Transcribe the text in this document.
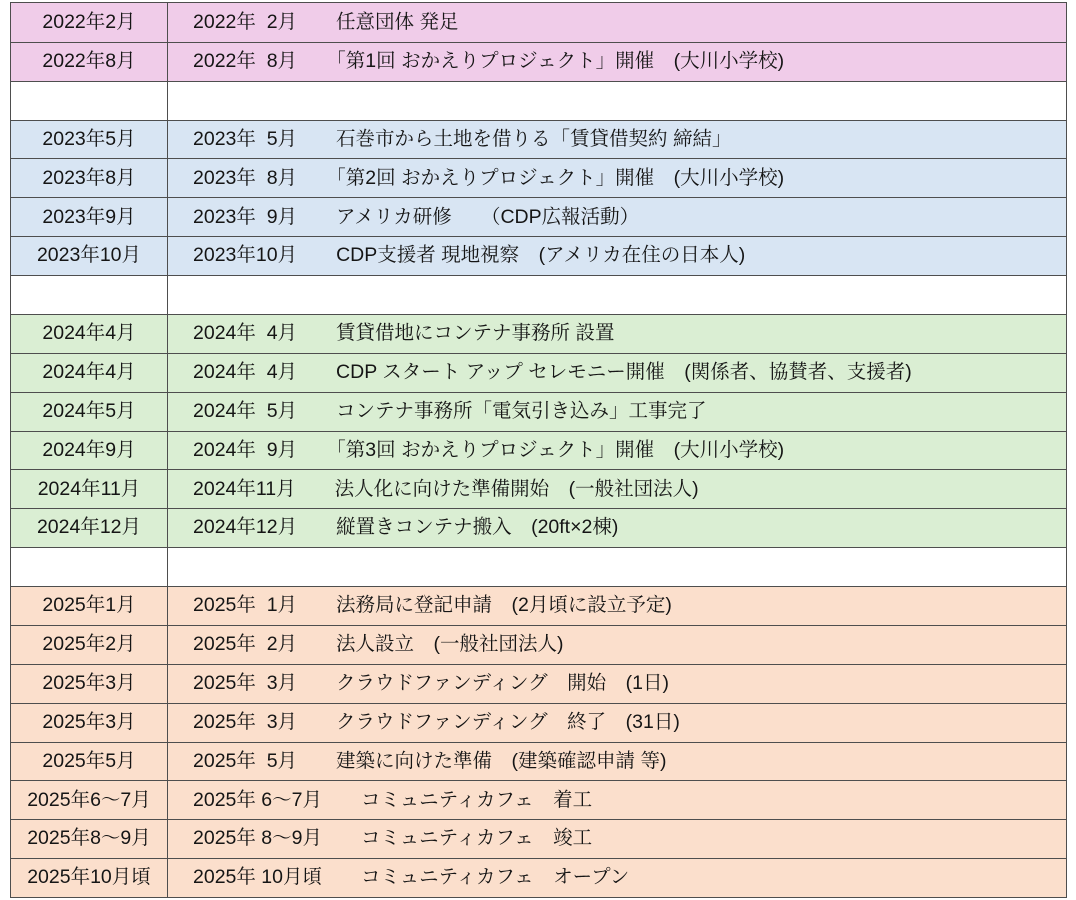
2022年2月	2022年  2月　　任意団体 発足
2022年8月	2022年  8月　　「第1回 おかえりプロジェクト」開催　(大川小学校)
2023年5月	2023年  5月　　石巻市から土地を借りる「賃貸借契約 締結」
2023年8月	2023年  8月　　「第2回 おかえりプロジェクト」開催　(大川小学校)
2023年9月	2023年  9月　　アメリカ研修　　（CDP広報活動）
2023年10月	2023年10月　　CDP支援者 現地視察　(アメリカ在住の日本人)
2024年4月	2024年  4月　　賃貸借地にコンテナ事務所 設置
2024年4月	2024年  4月　　CDP スタート アップ セレモニー開催　(関係者、協賛者、支援者)
2024年5月	2024年  5月　　コンテナ事務所「電気引き込み」工事完了
2024年9月	2024年  9月　　「第3回 おかえりプロジェクト」開催　(大川小学校)
2024年11月	2024年11月　　法人化に向けた準備開始　(一般社団法人)
2024年12月	2024年12月　　縦置きコンテナ搬入　(20ft×2棟)
2025年1月	2025年  1月　　法務局に登記申請　(2月頃に設立予定)
2025年2月	2025年  2月　　法人設立　(一般社団法人)
2025年3月	2025年  3月　　クラウドファンディング　開始　(1日)
2025年3月	2025年  3月　　クラウドファンディング　終了　(31日)
2025年5月	2025年  5月　　建築に向けた準備　(建築確認申請 等)
2025年6〜7月	2025年 6〜7月　　コミュニティカフェ　着工
2025年8〜9月	2025年 8〜9月　　コミュニティカフェ　竣工
2025年10月頃	2025年 10月頃　　コミュニティカフェ　オープン
